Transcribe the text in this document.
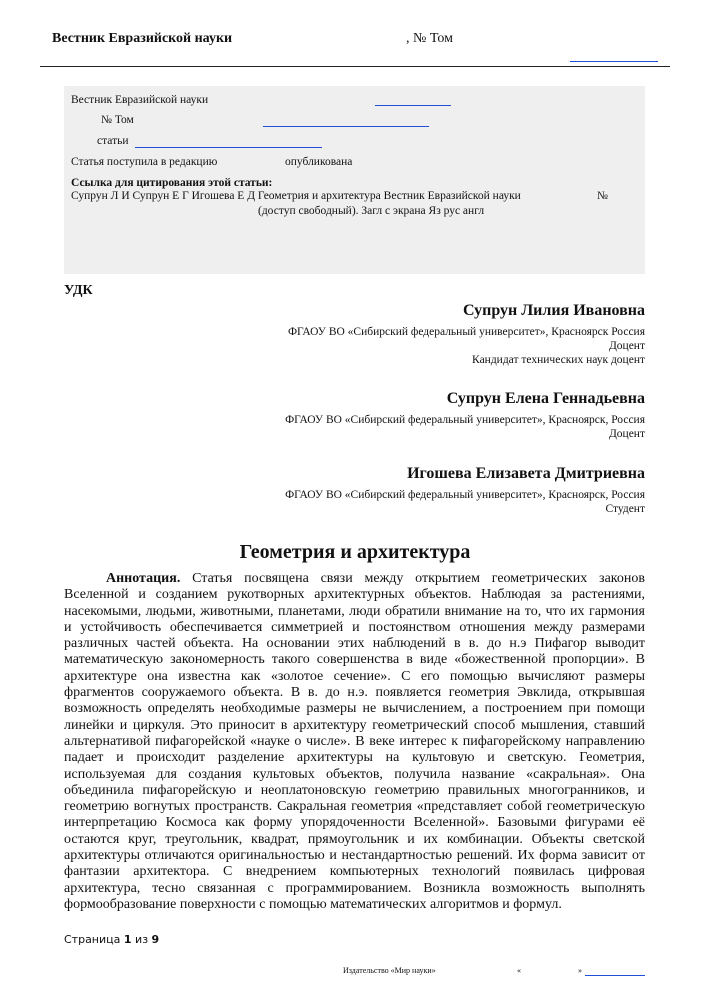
Вестник Евразийской науки	, № Том
Вестник Евразийской науки
№ Том
статьи
Статья поступила в редакцию	опубликована
Ссылка для цитирования этой статьи:
Супрун Л И Супрун Е Г Игошева Е Д Геометрия и архитектура Вестник Евразийской науки	№
(доступ свободный). Загл с экрана Яз рус англ
УДК
Супрун Лилия Ивановна
ФГАОУ ВО «Сибирский федеральный университет», Красноярск Россия
Доцент
Кандидат технических наук доцент
Супрун Елена Геннадьевна
ФГАОУ ВО «Сибирский федеральный университет», Красноярск, Россия
Доцент
Игошева Елизавета Дмитриевна
ФГАОУ ВО «Сибирский федеральный университет», Красноярск, Россия
Студент
Геометрия и архитектура

Аннотация. Статья посвящена связи между открытием геометрических законов Вселенной и созданием рукотворных архитектурных объектов. Наблюдая за растениями, насекомыми, людьми, животными, планетами, люди обратили внимание на то, что их гармония и устойчивость обеспечивается симметрией и постоянством отношения между размерами различных частей объекта. На основании этих наблюдений в в. до н.э Пифагор выводит математическую закономерность такого совершенства в виде «божественной пропорции». В архитектуре она известна как «золотое сечение». С его помощью вычисляют размеры фрагментов сооружаемого объекта. В в. до н.э. появляется геометрия Эвклида, открывшая возможность определять необходимые размеры не вычислением, а построением при помощи линейки и циркуля. Это приносит в архитектуру геометрический способ мышления, ставший альтернативой пифагорейской «науке о числе». В веке интерес к пифагорейскому направлению падает и происходит разделение архитектуры на культовую и светскую. Геометрия, используемая для создания культовых объектов, получила название «сакральная». Она объединила пифагорейскую и неоплатоновскую геометрию правильных многогранников, и геометрию вогнутых пространств. Сакральная геометрия «представляет собой геометрическую интерпретацию Космоса как форму упорядоченности Вселенной». Базовыми фигурами её остаются круг, треугольник, квадрат, прямоугольник и их комбинации. Объекты светской архитектуры отличаются оригинальностью и нестандартностью решений. Их форма зависит от фантазии архитектора. С внедрением компьютерных технологий появилась цифровая архитектура, тесно связанная с программированием. Возникла возможность выполнять формообразование поверхности с помощью математических алгоритмов и формул.

Страница 1 из 9
Издательство «Мир науки»	«	»
